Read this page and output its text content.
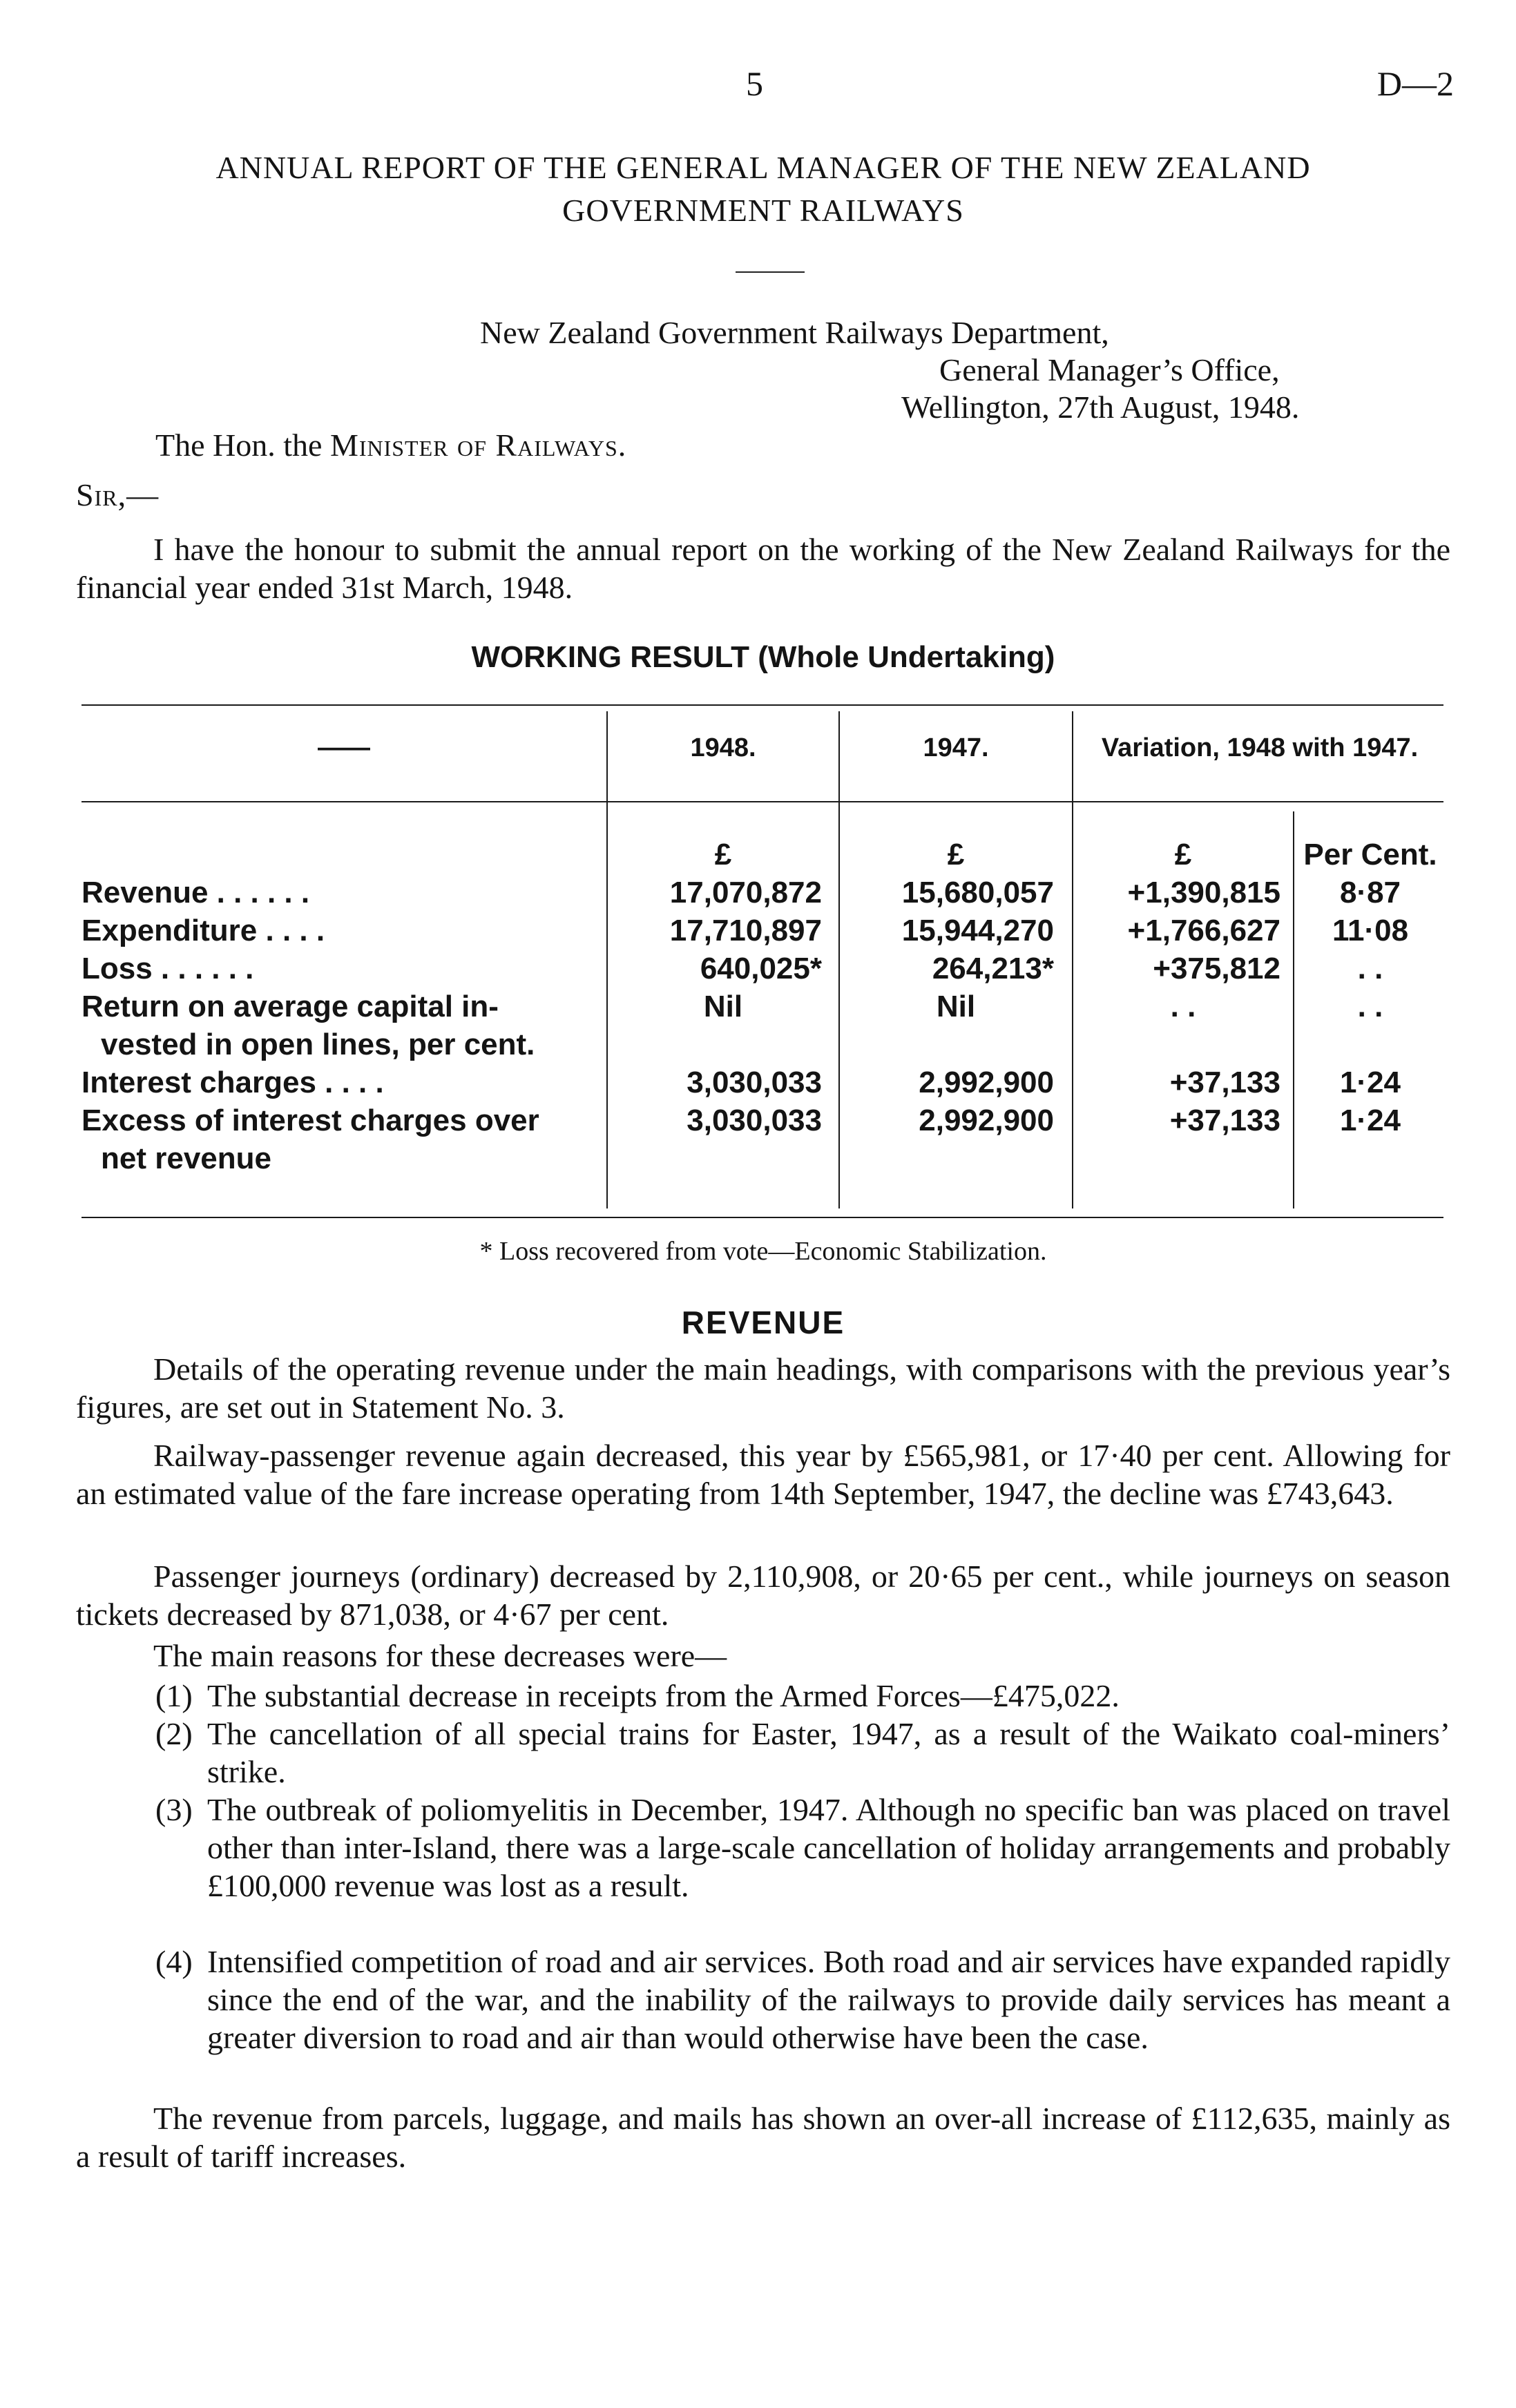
5	D—2
ANNUAL REPORT OF THE GENERAL MANAGER OF THE NEW ZEALAND
GOVERNMENT RAILWAYS
New Zealand Government Railways Department,
General Manager’s Office,
Wellington, 27th August, 1948.
The Hon. the Minister of Railways.
Sir,—
I have the honour to submit the annual report on the working of the New Zealand Railways for the financial year ended 31st March, 1948.
WORKING RESULT (Whole Undertaking)
——	1948.	1947.	Variation, 1948 with 1947.
£	£	£	Per Cent.
Revenue . . . . . .	17,070,872	15,680,057	+1,390,815	8·87
Expenditure . . . .	17,710,897	15,944,270	+1,766,627	11·08
Loss . . . . . .	640,025*	264,213*	+375,812	. .
Return on average capital in-
vested in open lines, per cent.
Nil	Nil	. .	. .
Interest charges . . . .	3,030,033	2,992,900	+37,133	1·24
Excess of interest charges over
net revenue
3,030,033	2,992,900	+37,133	1·24
* Loss recovered from vote—Economic Stabilization.
REVENUE
Details of the operating revenue under the main headings, with comparisons with the previous year’s figures, are set out in Statement No. 3.
Railway-passenger revenue again decreased, this year by £565,981, or 17·40 per cent. Allowing for an estimated value of the fare increase operating from 14th September, 1947, the decline was £743,643.
Passenger journeys (ordinary) decreased by 2,110,908, or 20·65 per cent., while journeys on season tickets decreased by 871,038, or 4·67 per cent.
The main reasons for these decreases were—
(1) The substantial decrease in receipts from the Armed Forces—£475,022.
(2) The cancellation of all special trains for Easter, 1947, as a result of the Waikato coal-miners’ strike.
(3) The outbreak of poliomyelitis in December, 1947. Although no specific ban was placed on travel other than inter-Island, there was a large-scale cancellation of holiday arrangements and probably £100,000 revenue was lost as a result.
(4) Intensified competition of road and air services. Both road and air services have expanded rapidly since the end of the war, and the inability of the railways to provide daily services has meant a greater diversion to road and air than would otherwise have been the case.
The revenue from parcels, luggage, and mails has shown an over-all increase of £112,635, mainly as a result of tariff increases.
